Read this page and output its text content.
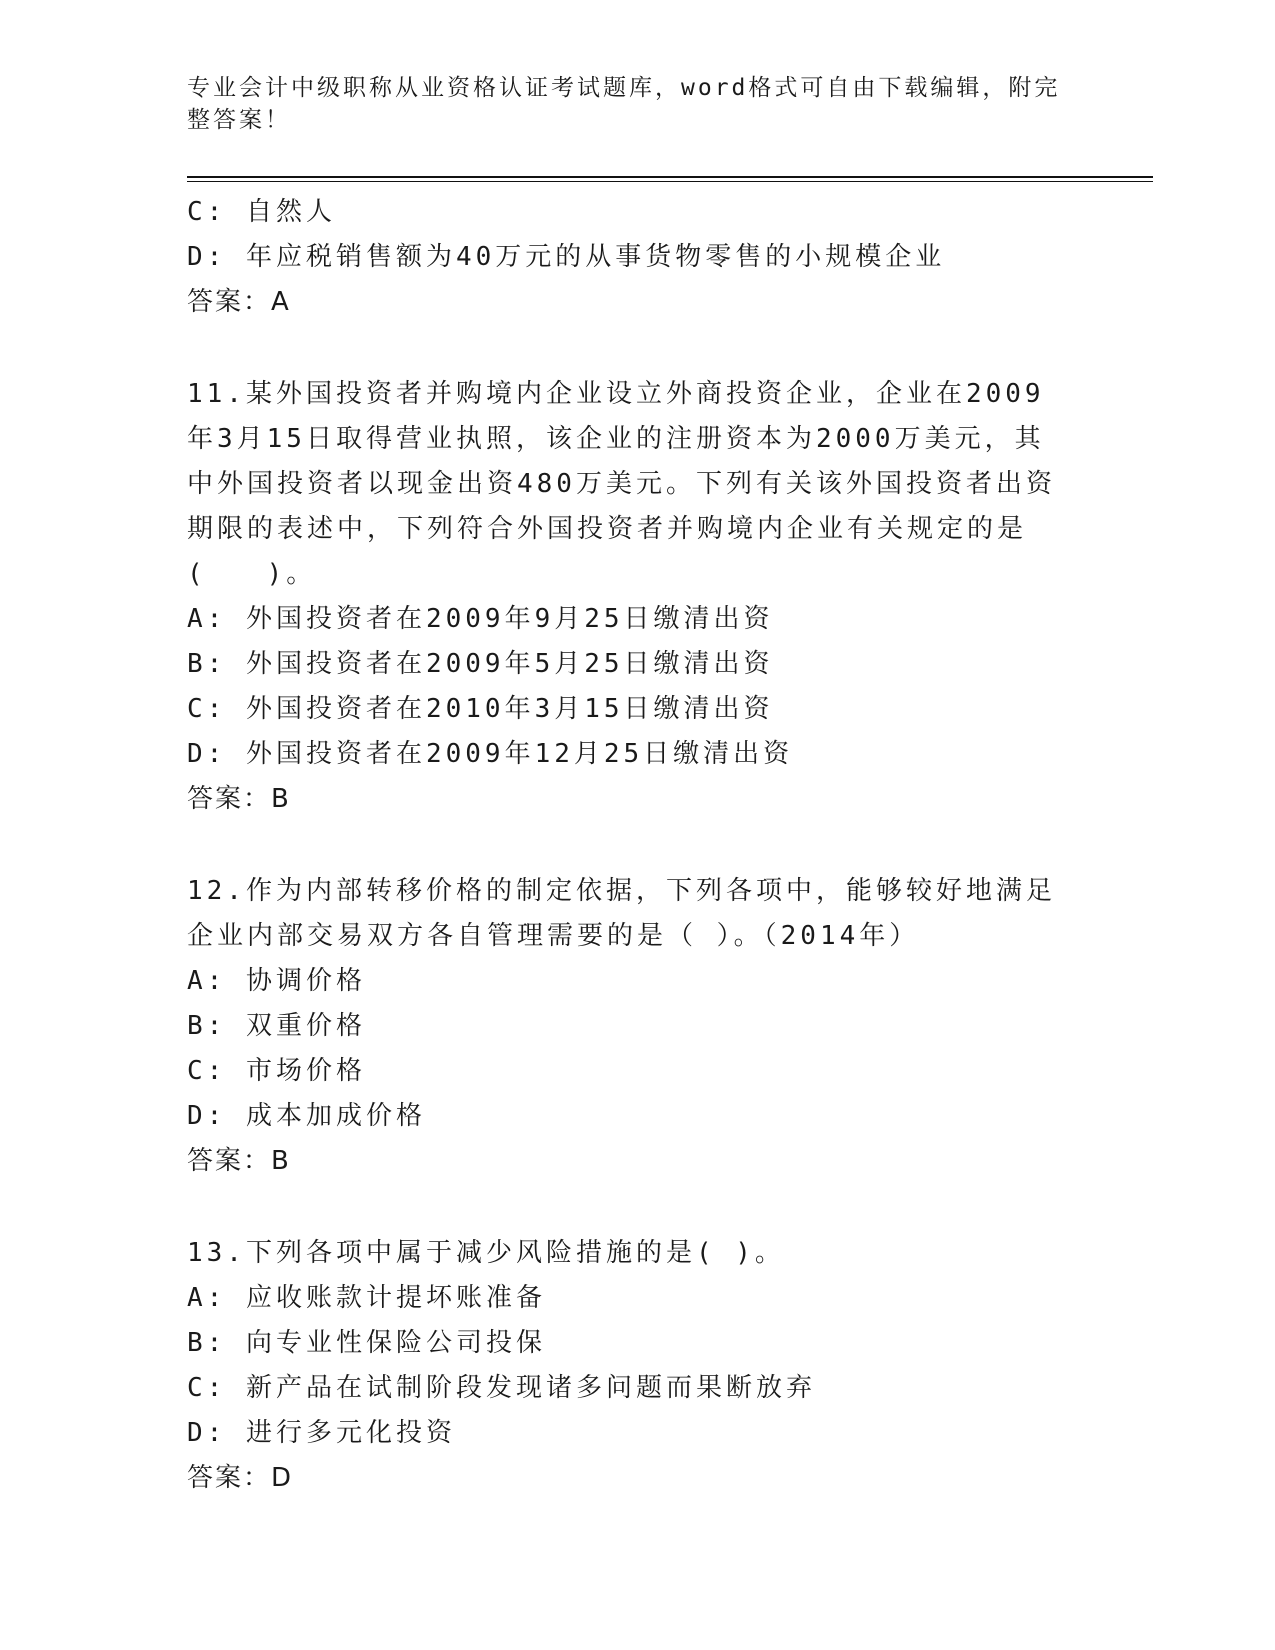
专业会计中级职称从业资格认证考试题库，word格式可自由下载编辑，附完整答案！
C: 自然人
D: 年应税销售额为40万元的从事货物零售的小规模企业
答案：A
11.某外国投资者并购境内企业设立外商投资企业，企业在2009年3月15日取得营业执照，该企业的注册资本为2000万美元，其中外国投资者以现金出资480万美元。下列有关该外国投资者出资期限的表述中，下列符合外国投资者并购境内企业有关规定的是(　　)。
A: 外国投资者在2009年9月25日缴清出资
B: 外国投资者在2009年5月25日缴清出资
C: 外国投资者在2010年3月15日缴清出资
D: 外国投资者在2009年12月25日缴清出资
答案：B
12.作为内部转移价格的制定依据，下列各项中，能够较好地满足企业内部交易双方各自管理需要的是（ ）。（2014年）
A: 协调价格
B: 双重价格
C: 市场价格
D: 成本加成价格
答案：B
13.下列各项中属于减少风险措施的是( )。
A: 应收账款计提坏账准备
B: 向专业性保险公司投保
C: 新产品在试制阶段发现诸多问题而果断放弃
D: 进行多元化投资
答案：D
